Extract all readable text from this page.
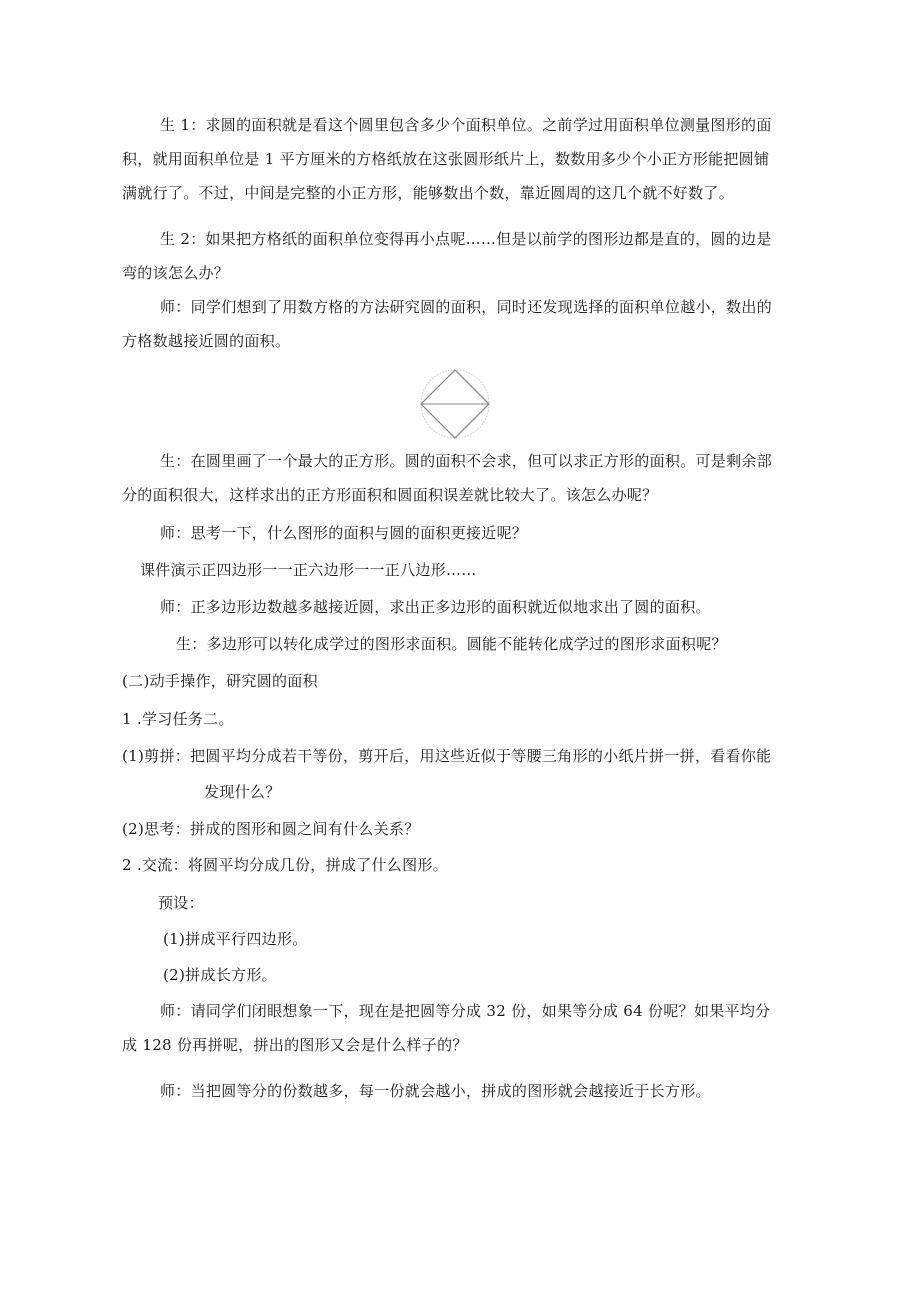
生 1：求圆的面积就是看这个圆里包含多少个面积单位。之前学过用面积单位测量图形的面积，就用面积单位是 1 平方厘米的方格纸放在这张圆形纸片上，数数用多少个小正方形能把圆铺满就行了。不过，中间是完整的小正方形，能够数出个数，靠近圆周的这几个就不好数了。

生 2：如果把方格纸的面积单位变得再小点呢……但是以前学的图形边都是直的，圆的边是弯的该怎么办？

师：同学们想到了用数方格的方法研究圆的面积，同时还发现选择的面积单位越小，数出的方格数越接近圆的面积。

生：在圆里画了一个最大的正方形。圆的面积不会求，但可以求正方形的面积。可是剩余部分的面积很大，这样求出的正方形面积和圆面积误差就比较大了。该怎么办呢？

师：思考一下，什么图形的面积与圆的面积更接近呢？

课件演示正四边形一一正六边形一一正八边形……

师：正多边形边数越多越接近圆，求出正多边形的面积就近似地求出了圆的面积。

生：多边形可以转化成学过的图形求面积。圆能不能转化成学过的图形求面积呢？

(二)动手操作，研究圆的面积

1 .学习任务二。

(1)剪拼：把圆平均分成若干等份，剪开后，用这些近似于等腰三角形的小纸片拼一拼，看看你能

发现什么？

(2)思考：拼成的图形和圆之间有什么关系？

2 .交流：将圆平均分成几份，拼成了什么图形。

预设：

(1)拼成平行四边形。

(2)拼成长方形。

师：请同学们闭眼想象一下，现在是把圆等分成 32 份，如果等分成 64 份呢？如果平均分成 128 份再拼呢，拼出的图形又会是什么样子的？

师：当把圆等分的份数越多，每一份就会越小，拼成的图形就会越接近于长方形。
